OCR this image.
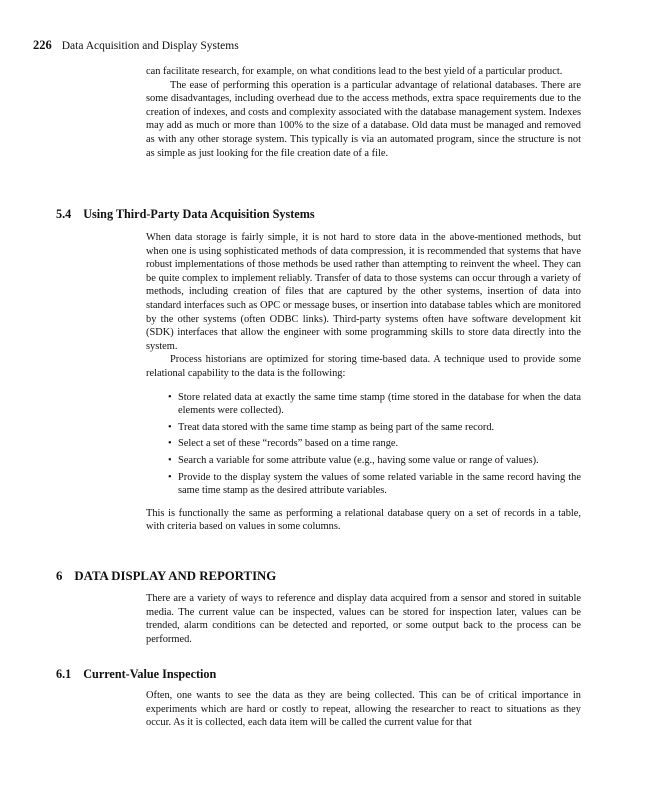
226 Data Acquisition and Display Systems

can facilitate research, for example, on what conditions lead to the best yield of a particular product.

The ease of performing this operation is a particular advantage of relational databases. There are some disadvantages, including overhead due to the access methods, extra space requirements due to the creation of indexes, and costs and complexity associated with the database management system. Indexes may add as much or more than 100% to the size of a database. Old data must be managed and removed as with any other storage system. This typically is via an automated program, since the structure is not as simple as just looking for the file creation date of a file.

5.4 Using Third-Party Data Acquisition Systems

When data storage is fairly simple, it is not hard to store data in the above-mentioned methods, but when one is using sophisticated methods of data compression, it is recommended that systems that have robust implementations of those methods be used rather than attempting to reinvent the wheel. They can be quite complex to implement reliably. Transfer of data to those systems can occur through a variety of methods, including creation of files that are captured by the other systems, insertion of data into standard interfaces such as OPC or message buses, or insertion into database tables which are monitored by the other systems (often ODBC links). Third-party systems often have software development kit (SDK) interfaces that allow the engineer with some programming skills to store data directly into the system.

Process historians are optimized for storing time-based data. A technique used to provide some relational capability to the data is the following:

• Store related data at exactly the same time stamp (time stored in the database for when the data elements were collected).
• Treat data stored with the same time stamp as being part of the same record.
• Select a set of these “records” based on a time range.
• Search a variable for some attribute value (e.g., having some value or range of values).
• Provide to the display system the values of some related variable in the same record having the same time stamp as the desired attribute variables.

This is functionally the same as performing a relational database query on a set of records in a table, with criteria based on values in some columns.

6 DATA DISPLAY AND REPORTING

There are a variety of ways to reference and display data acquired from a sensor and stored in suitable media. The current value can be inspected, values can be stored for inspection later, values can be trended, alarm conditions can be detected and reported, or some output back to the process can be performed.

6.1 Current-Value Inspection

Often, one wants to see the data as they are being collected. This can be of critical importance in experiments which are hard or costly to repeat, allowing the researcher to react to situations as they occur. As it is collected, each data item will be called the current value for that
